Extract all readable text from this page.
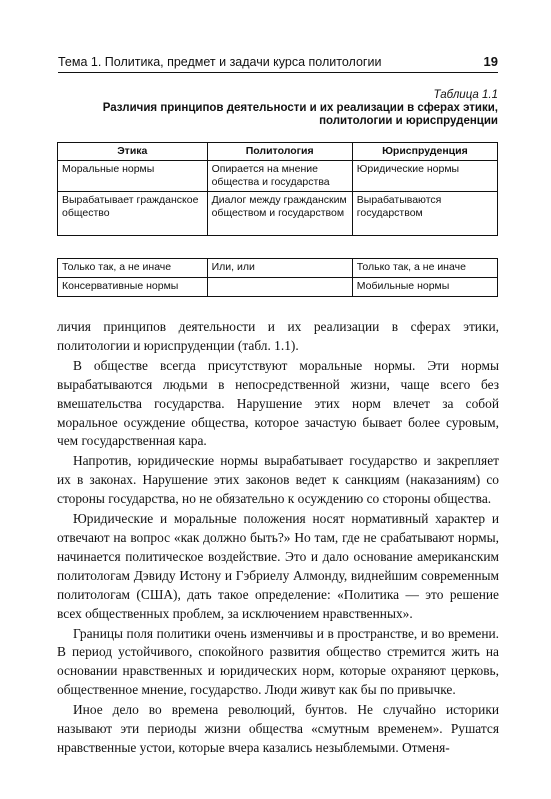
Тема 1. Политика, предмет и задачи курса политологии	19
Таблица 1.1
Различия принципов деятельности и их реализации в сферах этики,
политологии и юриспруденции
Этика	Политология	Юриспруденция
Моральные нормы	Опирается на мнение общества и государства	Юридические нормы
Вырабатывает гражданское общество	Диалог между гражданским обществом и государством	Вырабатываются государством
Только так, а не иначе	Или, или	Только так, а не иначе
Консервативные нормы		Мобильные нормы

личия принципов деятельности и их реализации в сферах этики, политологии и юриспруденции (табл. 1.1).

В обществе всегда присутствуют моральные нормы. Эти нормы вырабатываются людьми в непосредственной жизни, чаще всего без вмешательства государства. Нарушение этих норм влечет за собой моральное осуждение общества, которое зачастую бывает более суровым, чем государственная кара.

Напротив, юридические нормы вырабатывает государство и закрепляет их в законах. Нарушение этих законов ведет к санкциям (наказаниям) со стороны государства, но не обязательно к осуждению со стороны общества.

Юридические и моральные положения носят нормативный характер и отвечают на вопрос «как должно быть?» Но там, где не срабатывают нормы, начинается политическое воздействие. Это и дало основание американским политологам Дэвиду Истону и Гэбриелу Алмонду, виднейшим современным политологам (США), дать такое определение: «Политика — это решение всех общественных проблем, за исключением нравственных».

Границы поля политики очень изменчивы и в пространстве, и во времени. В период устойчивого, спокойного развития общество стремится жить на основании нравственных и юридических норм, которые охраняют церковь, общественное мнение, государство. Люди живут как бы по привычке.

Иное дело во времена революций, бунтов. Не случайно историки называют эти периоды жизни общества «смутным временем». Рушатся нравственные устои, которые вчера казались незыблемыми. Отменя-
